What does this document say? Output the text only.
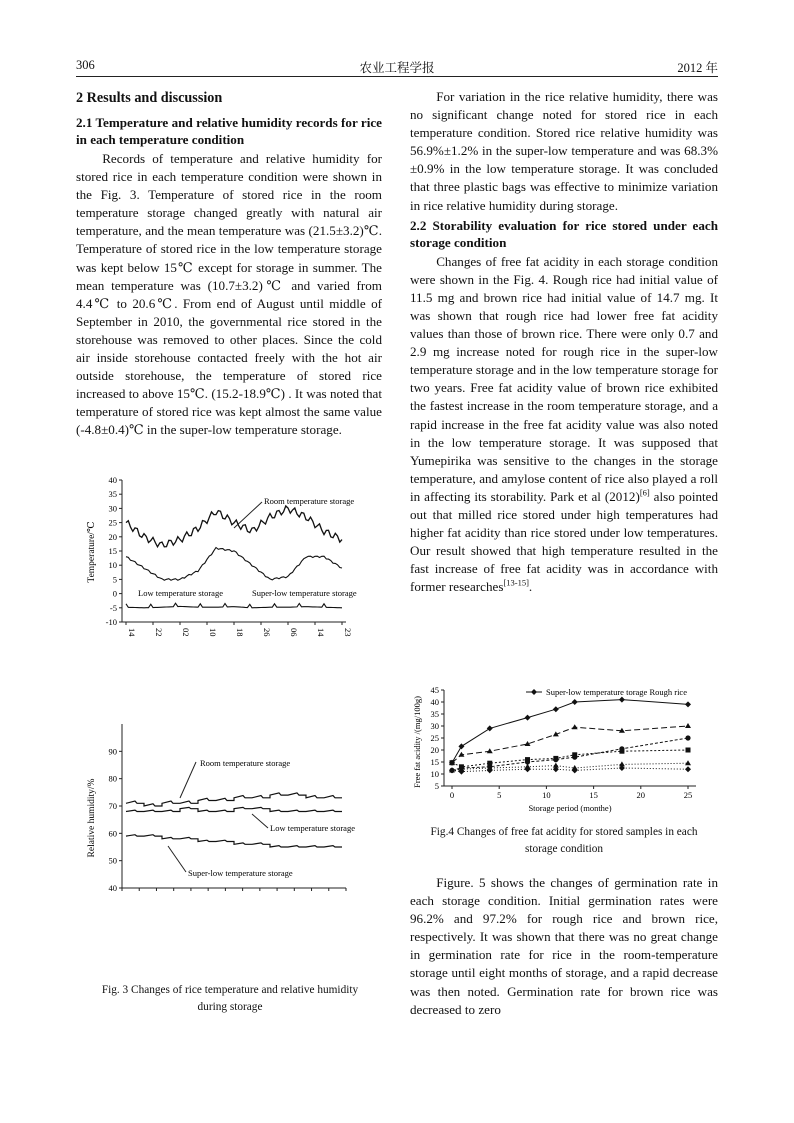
306	农业工程学报	2012 年
2 Results and discussion
2.1 Temperature and relative humidity records for rice in each temperature condition

Records of temperature and relative humidity for stored rice in each temperature condition were shown in the Fig. 3. Temperature of stored rice in the room temperature storage changed greatly with natural air temperature, and the mean temperature was (21.5±3.2)℃. Temperature of stored rice in the low temperature storage was kept below 15℃ except for storage in summer. The mean temperature was (10.7±3.2)℃ and varied from 4.4℃ to 20.6℃. From end of August until middle of September in 2010, the governmental rice stored in the storehouse was removed to other places. Since the cold air inside storehouse contacted freely with the hot air outside storehouse, the temperature of stored rice increased to above 15℃. (15.2-18.9℃) . It was noted that temperature of stored rice was kept almost the same value (-4.8±0.4)℃ in the super-low temperature storage.

40
35
30
25
20
15
10
5
0
-5
-10
14 22 02 10 18 26 06 14 23
Temperature/℃
Room temperature storage
Low temperature storage	Super-low temperature storage
90
80
70
60
50
40
Relative humidity/%
Room temperature storage
Low temperature storage
Super-low temperature storage
Fig. 3 Changes of rice temperature and relative humidity
during storage

For variation in the rice relative humidity, there was no significant change noted for stored rice in each temperature condition. Stored rice relative humidity was 56.9%±1.2% in the super-low temperature and was 68.3%±0.9% in the low temperature storage. It was concluded that three plastic bags was effective to minimize variation in rice relative humidity during storage.

2.2 Storability evaluation for rice stored under each storage condition

Changes of free fat acidity in each storage condition were shown in the Fig. 4. Rough rice had initial value of 11.5 mg and brown rice had initial value of 14.7 mg. It was shown that rough rice had lower free fat acidity values than those of brown rice. There were only 0.7 and 2.9 mg increase noted for rough rice in the super-low temperature storage and in the low temperature storage for two years. Free fat acidity value of brown rice exhibited the fastest increase in the room temperature storage, and a rapid increase in the free fat acidity value was also noted in the low temperature storage. It was supposed that Yumepirika was sensitive to the changes in the storage temperature, and amylose content of rice also played a roll in affecting its storability. Park et al (2012)[6] also pointed out that milled rice stored under high temperatures had higher fat acidity than rice stored under low temperatures. Our result showed that high temperature resulted in the fast increase of free fat acidity was in accordance with former researches[13-15].

5
10
15
20
25
30
35
40
45
0	5	10	15	20	25
Storage period (monthe)
Free fat acidity /(mg/100g)
Super-low temperature torage Rough rice
Fig.4 Changes of free fat acidity for stored samples in each
storage condition

Figure. 5 shows the changes of germination rate in each storage condition. Initial germination rates were 96.2% and 97.2% for rough rice and brown rice, respectively. It was shown that there was no great change in germination rate for rice in the room-temperature storage until eight months of storage, and a rapid decrease was then noted. Germination rate for brown rice was decreased to zero
